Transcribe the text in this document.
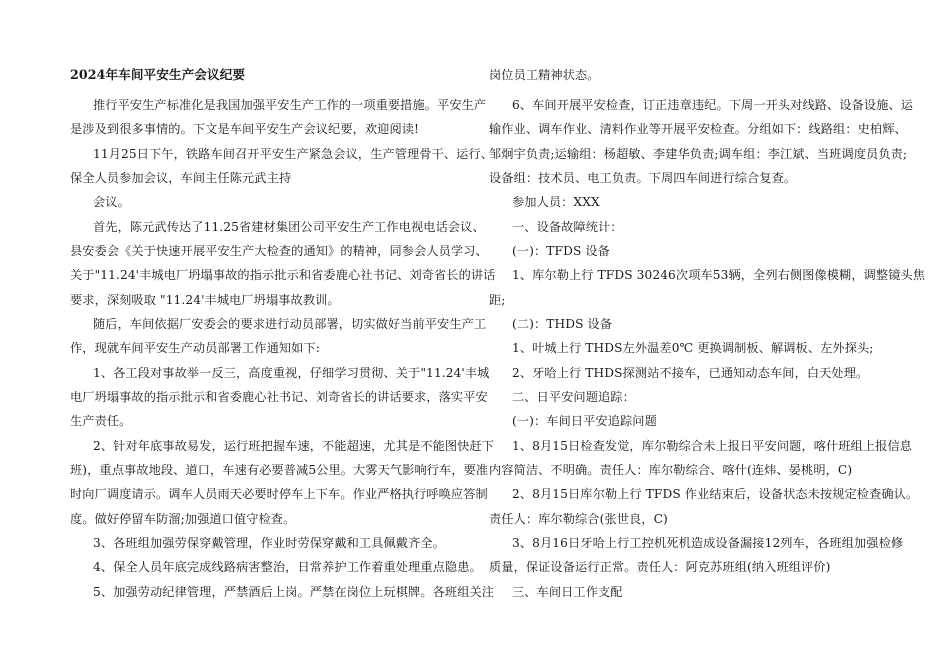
2024年车间平安生产会议纪要
推行平安生产标准化是我国加强平安生产工作的一项重要措施。平安生产
是涉及到很多事情的。下文是车间平安生产会议纪要，欢迎阅读!
11月25日下午，铁路车间召开平安生产紧急会议，生产管理骨干、运行、
保全人员参加会议，车间主任陈元武主持
会议。
首先，陈元武传达了11.25省建材集团公司平安生产工作电视电话会议、
县安委会《关于快速开展平安生产大检查的通知》的精神，同参会人员学习、
关于"11.24'丰城电厂坍塌事故的指示批示和省委鹿心社书记、刘奇省长的讲话
要求，深刻吸取 "11.24'丰城电厂坍塌事故教训。
随后，车间依据厂安委会的要求进行动员部署，切实做好当前平安生产工
作，现就车间平安生产动员部署工作通知如下:
1、各工段对事故举一反三，高度重视，仔细学习贯彻、关于"11.24'丰城
电厂坍塌事故的指示批示和省委鹿心社书记、刘奇省长的讲话要求，落实平安
生产责任。
2、针对年底事故易发，运行班把握车速，不能超速，尤其是不能图快赶下
班)，重点事故地段、道口，车速有必要普减5公里。大雾天气影响行车，要准
时向厂调度请示。调车人员雨天必要时停车上下车。作业严格执行呼唤应答制
度。做好停留车防溜;加强道口值守检查。
3、各班组加强劳保穿戴管理，作业时劳保穿戴和工具佩戴齐全。
4、保全人员年底完成线路病害整治，日常养护工作着重处理重点隐患。
5、加强劳动纪律管理，严禁酒后上岗。严禁在岗位上玩棋牌。各班组关注
岗位员工精神状态。
6、车间开展平安检查，订正违章违纪。下周一开头对线路、设备设施、运
输作业、调车作业、清料作业等开展平安检查。分组如下：线路组：史柏辉、
邹炯宇负责;运输组：杨超敏、李建华负责;调车组：李江斌、当班调度员负责;
设备组：技术员、电工负责。下周四车间进行综合复查。
参加人员：XXX
一、设备故障统计：
(一)：TFDS 设备
1、库尔勒上行 TFDS 30246次项车53辆，全列右侧图像模糊，调整镜头焦
距;
(二)：THDS 设备
1、叶城上行 THDS左外温差0℃ 更换调制板、解调板、左外探头;
2、牙哈上行 THDS探测站不接车，已通知动态车间，白天处理。
二、日平安问题追踪：
(一)：车间日平安追踪问题
1、8月15日检查发觉，库尔勒综合未上报日平安问题，喀什班组上报信息
内容简洁、不明确。责任人：库尔勒综合、喀什(连炜、晏桃明，C)
2、8月15日库尔勒上行 TFDS 作业结束后，设备状态未按规定检查确认。
责任人：库尔勒综合(张世良，C)
3、8月16日牙哈上行工控机死机造成设备漏接12列车，各班组加强检修
质量，保证设备运行正常。责任人：阿克苏班组(纳入班组评价)
三、车间日工作支配
